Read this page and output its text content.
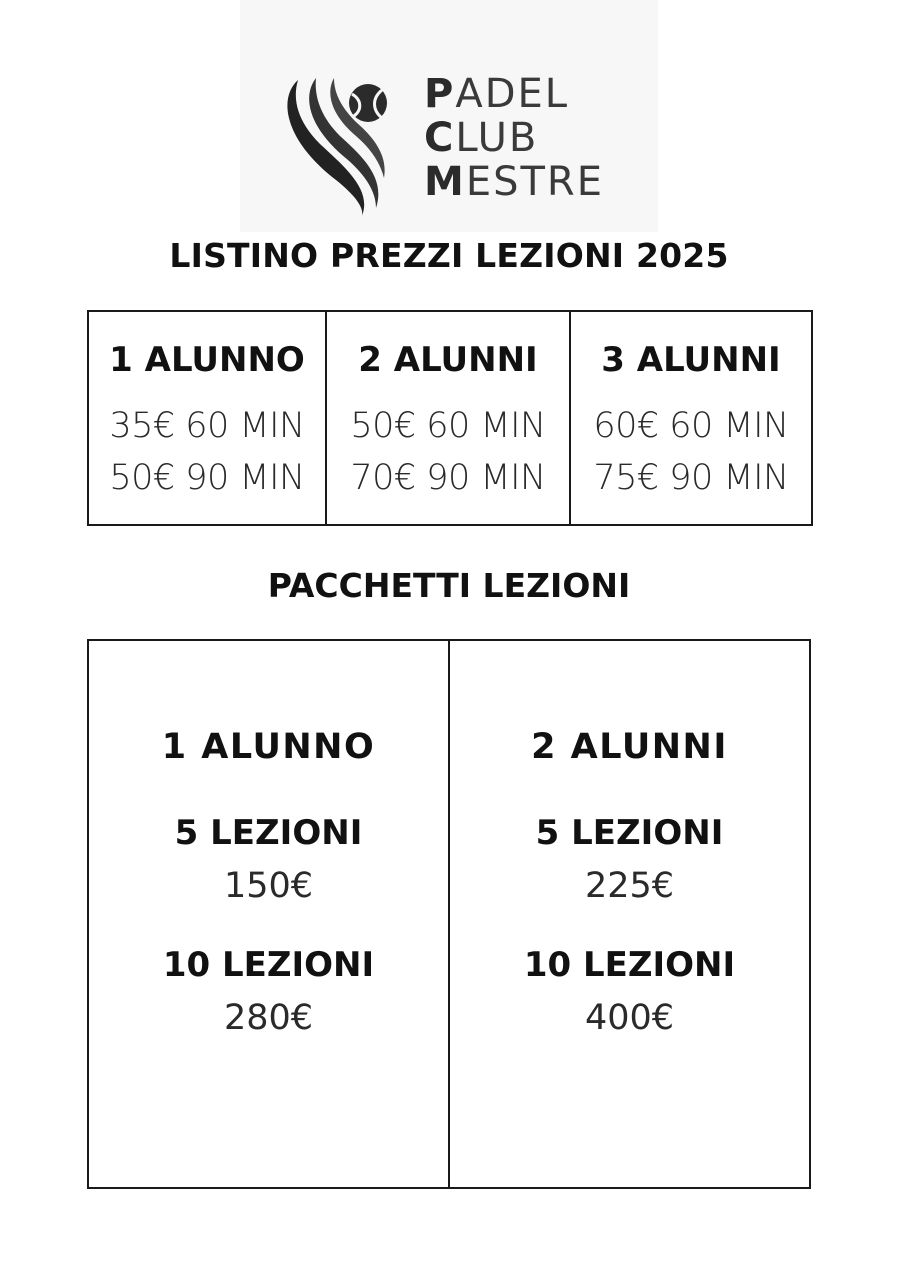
PADEL
CLUB
MESTRE
LISTINO PREZZI LEZIONI 2025
1 ALUNNO
35€ 60 MIN
50€ 90 MIN
2 ALUNNI
50€ 60 MIN
70€ 90 MIN
3 ALUNNI
60€ 60 MIN
75€ 90 MIN
PACCHETTI LEZIONI
1 ALUNNO
5 LEZIONI
150€
10 LEZIONI
280€
2 ALUNNI
5 LEZIONI
225€
10 LEZIONI
400€
